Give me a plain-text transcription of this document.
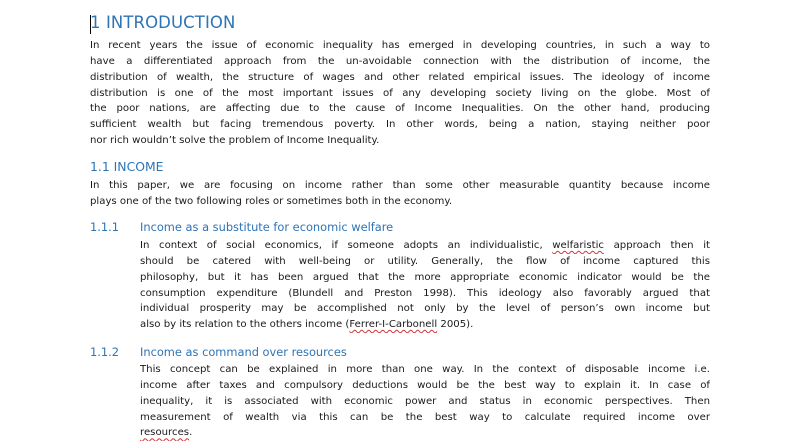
1 INTRODUCTION
In recent years the issue of economic inequality has emerged in developing countries, in such a way to
have a differentiated approach from the un-avoidable connection with the distribution of income, the
distribution of wealth, the structure of wages and other related empirical issues. The ideology of income
distribution is one of the most important issues of any developing society living on the globe. Most of
the poor nations, are affecting due to the cause of Income Inequalities. On the other hand, producing
sufficient wealth but facing tremendous poverty. In other words, being a nation, staying neither poor
nor rich wouldn’t solve the problem of Income Inequality.
1.1 INCOME
In this paper, we are focusing on income rather than some other measurable quantity because income
plays one of the two following roles or sometimes both in the economy.
1.1.1 Income as a substitute for economic welfare
In context of social economics, if someone adopts an individualistic, welfaristic approach then it
should be catered with well-being or utility. Generally, the flow of income captured this
philosophy, but it has been argued that the more appropriate economic indicator would be the
consumption expenditure (Blundell and Preston 1998). This ideology also favorably argued that
individual prosperity may be accomplished not only by the level of person’s own income but
also by its relation to the others income (Ferrer-I-Carbonell 2005).
1.1.2 Income as command over resources
This concept can be explained in more than one way. In the context of disposable income i.e.
income after taxes and compulsory deductions would be the best way to explain it. In case of
inequality, it is associated with economic power and status in economic perspectives. Then
measurement of wealth via this can be the best way to calculate required income over
resources.
